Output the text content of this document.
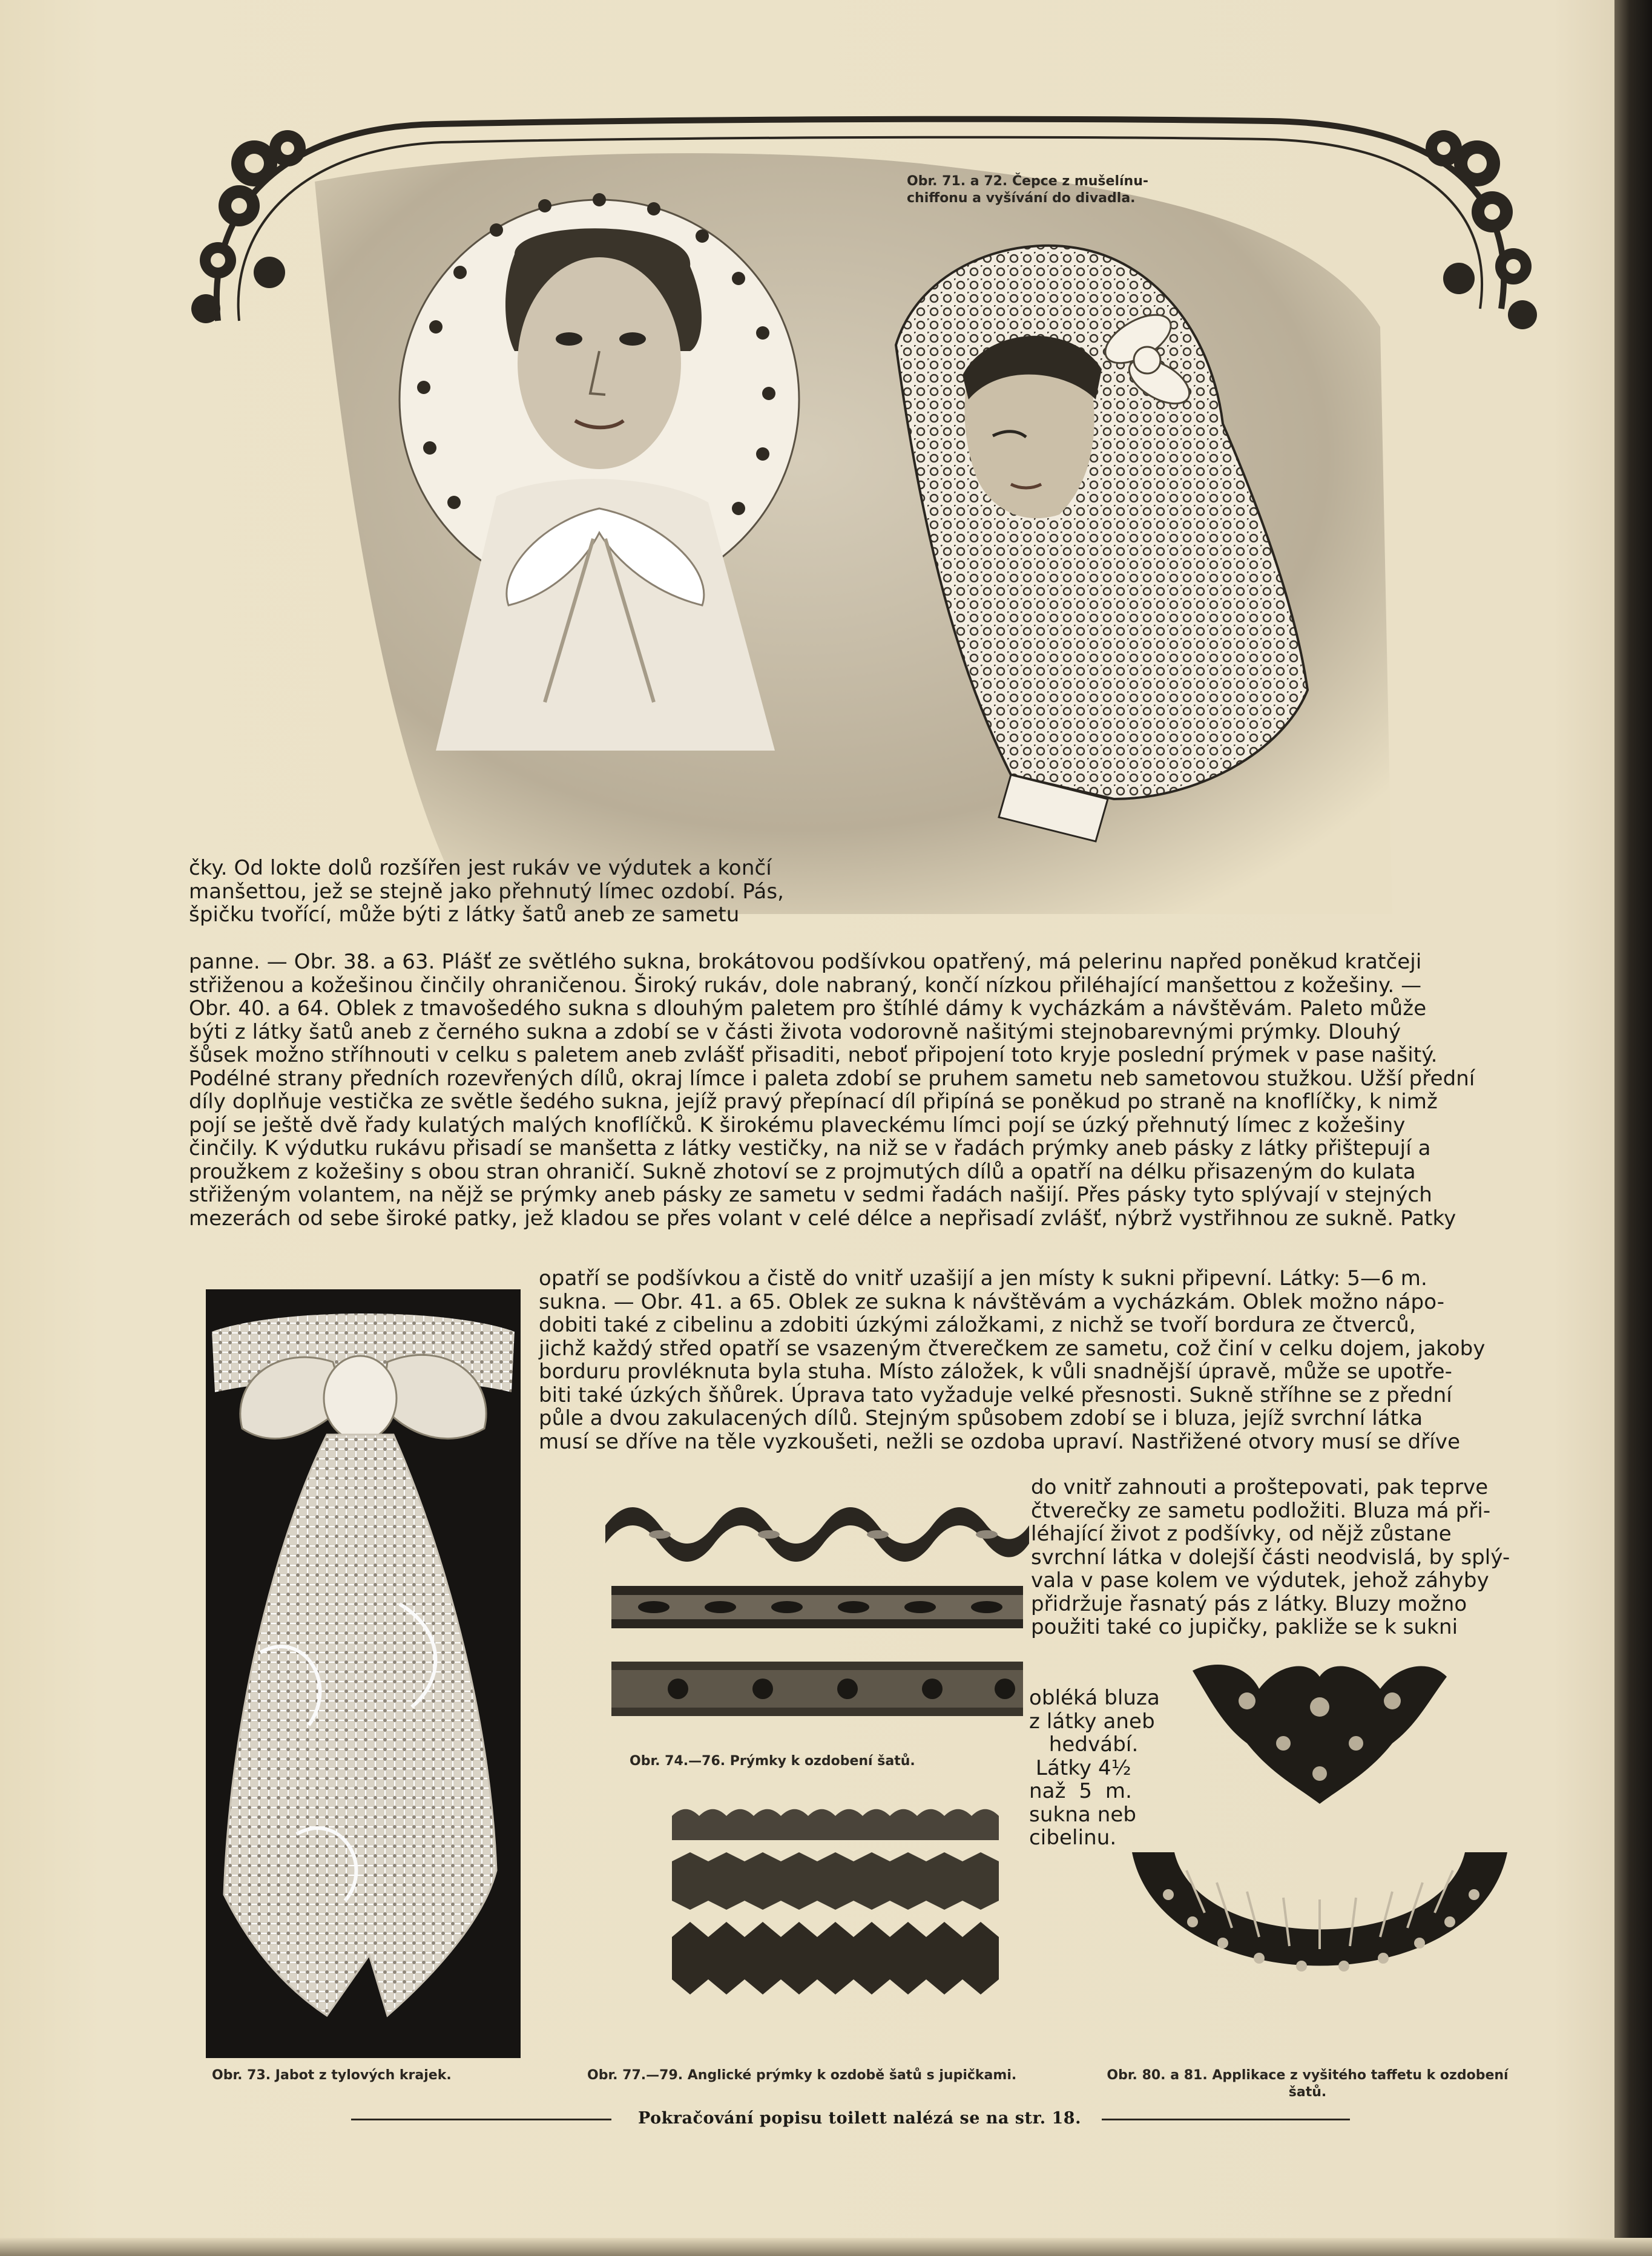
Obr. 71. a 72. Čepce z mušelínu-chiffonu a vyšívání do divadla.
Obr. 74.—76. Prýmky k ozdobení šatů.
Obr. 73. Jabot z tylových krajek.	Obr. 77.—79. Anglické prýmky k ozdobě šatů s jupičkami.	Obr. 80. a 81. Applikace z vyšitého taffetu k ozdobení šatů.
čky. Od lokte dolů rozšířen jest rukáv ve výdutek a končí
manšettou, jež se stejně jako přehnutý límec ozdobí. Pás,
špičku tvořící, může býti z látky šatů aneb ze sametu
panne. — Obr. 38. a 63. Plášť ze světlého sukna, brokátovou podšívkou opatřený, má pelerinu napřed poněkud kratčeji
střiženou a kožešinou činčily ohraničenou. Široký rukáv, dole nabraný, končí nízkou přiléhající manšettou z kožešiny. —
Obr. 40. a 64. Oblek z tmavošedého sukna s dlouhým paletem pro štíhlé dámy k vycházkám a návštěvám. Paleto může
býti z látky šatů aneb z černého sukna a zdobí se v části života vodorovně našitými stejnobarevnými prýmky. Dlouhý
šůsek možno stříhnouti v celku s paletem aneb zvlášť přisaditi, neboť připojení toto kryje poslední prýmek v pase našitý.
Podélné strany předních rozevřených dílů, okraj límce i paleta zdobí se pruhem sametu neb sametovou stužkou. Užší přední
díly doplňuje vestička ze světle šedého sukna, jejíž pravý přepínací díl připíná se poněkud po straně na knoflíčky, k nimž
pojí se ještě dvě řady kulatých malých knoflíčků. K širokému plaveckému límci pojí se úzký přehnutý límec z kožešiny
činčily. K výdutku rukávu přisadí se manšetta z látky vestičky, na niž se v řadách prýmky aneb pásky z látky přištepují a
proužkem z kožešiny s obou stran ohraničí. Sukně zhotoví se z projmutých dílů a opatří na délku přisazeným do kulata
střiženým volantem, na nějž se prýmky aneb pásky ze sametu v sedmi řadách našijí. Přes pásky tyto splývají v stejných
mezerách od sebe široké patky, jež kladou se přes volant v celé délce a nepřisadí zvlášť, nýbrž vystřihnou ze sukně. Patky
opatří se podšívkou a čistě do vnitř uzašijí a jen místy k sukni připevní. Látky: 5—6 m.
sukna. — Obr. 41. a 65. Oblek ze sukna k návštěvám a vycházkám. Oblek možno nápo-
dobiti také z cibelinu a zdobiti úzkými záložkami, z nichž se tvoří bordura ze čtverců,
jichž každý střed opatří se vsazeným čtverečkem ze sametu, což činí v celku dojem, jakoby
borduru provléknuta byla stuha. Místo záložek, k vůli snadnější úpravě, může se upotře-
biti také úzkých šňůrek. Úprava tato vyžaduje velké přesnosti. Sukně stříhne se z přední
půle a dvou zakulacených dílů. Stejným spůsobem zdobí se i bluza, jejíž svrchní látka
musí se dříve na těle vyzkoušeti, nežli se ozdoba upraví. Nastřižené otvory musí se dříve
do vnitř zahnouti a proštepovati, pak teprve
čtverečky ze sametu podložiti. Bluza má při-
léhající život z podšívky, od nějž zůstane
svrchní látka v dolejší části neodvislá, by splý-
vala v pase kolem ve výdutek, jehož záhyby
přidržuje řasnatý pás z látky. Bluzy možno
použiti také co jupičky, pakliže se k sukni
obléká bluza
z látky aneb
hedvábí.
Látky 4½
naž  5  m.
sukna neb
cibelinu.
Pokračování popisu toilett nalézá se na str. 18.
